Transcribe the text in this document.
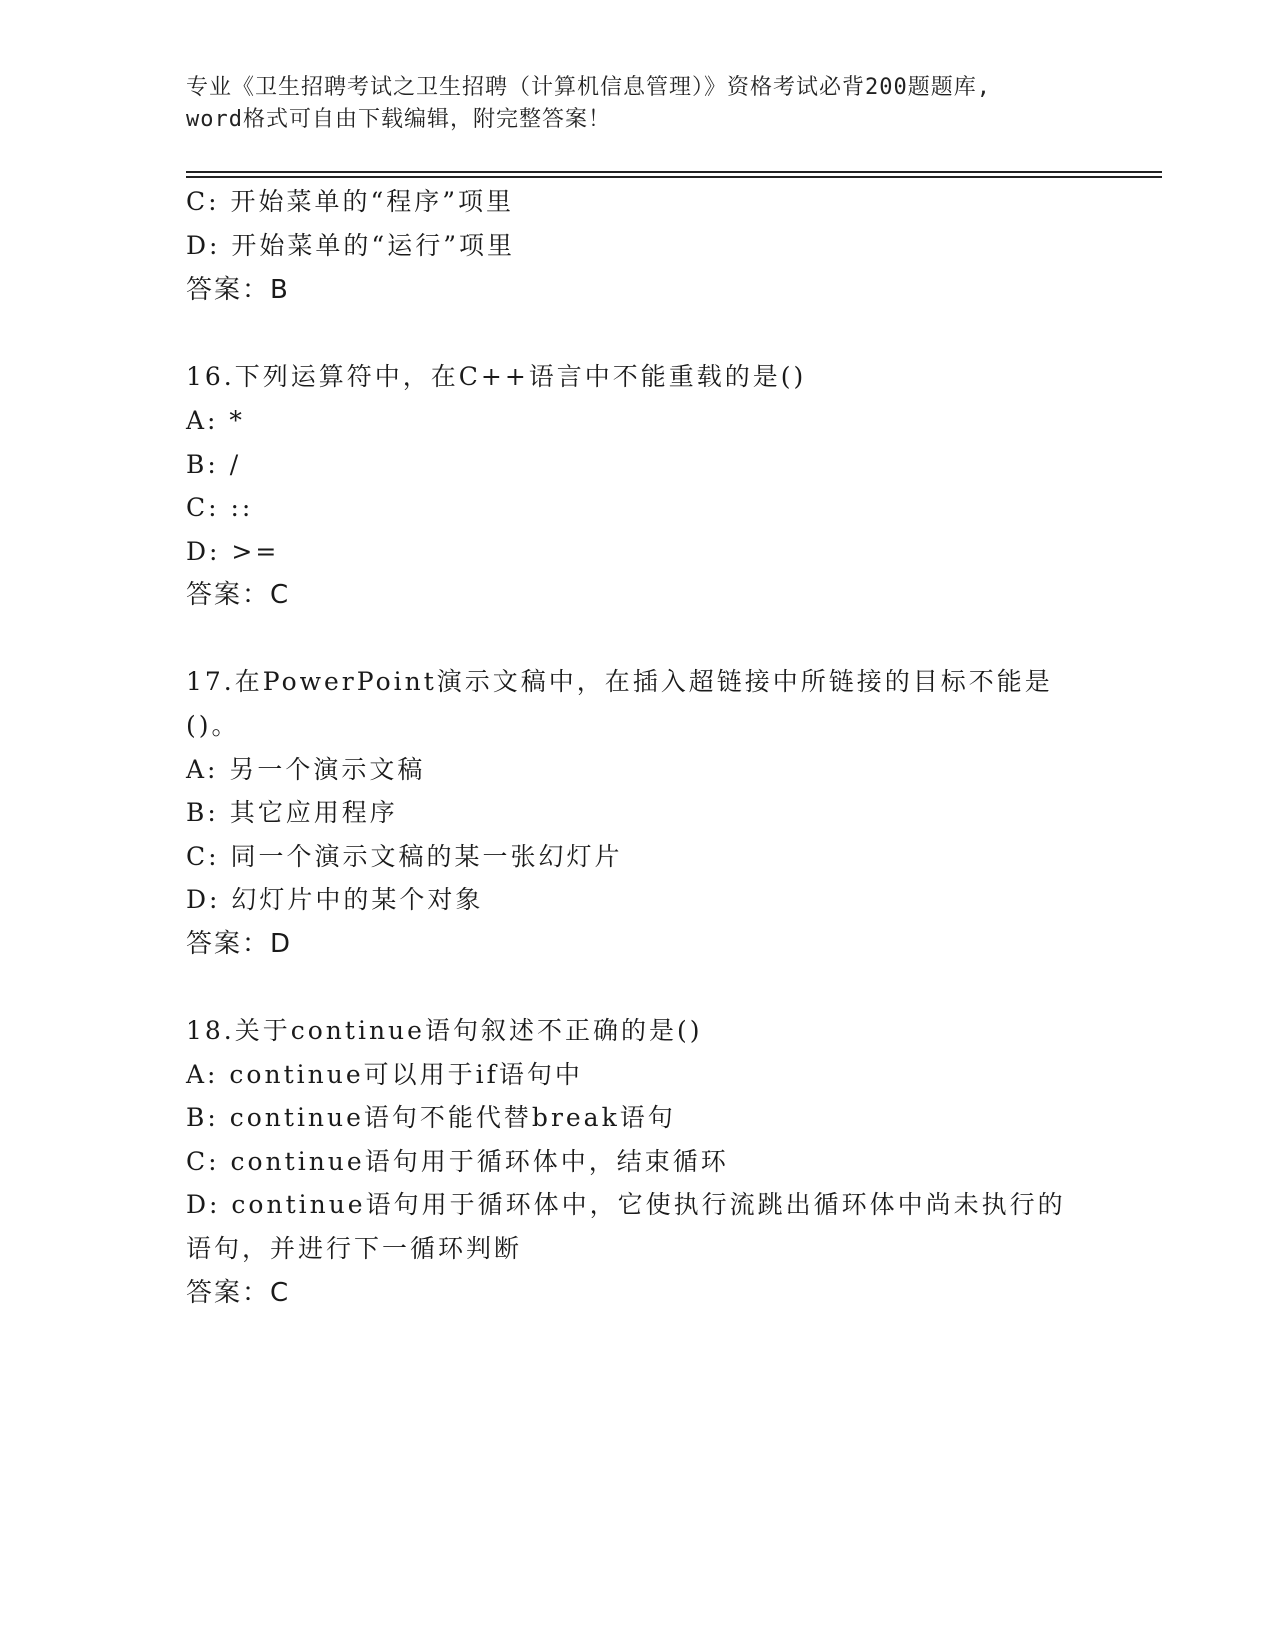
专业《卫生招聘考试之卫生招聘（计算机信息管理）》资格考试必背200题题库,
word格式可自由下载编辑，附完整答案！
C: 开始菜单的“程序”项里
D: 开始菜单的“运行”项里
答案：B
16.下列运算符中，在C++语言中不能重载的是()
A: *
B: /
C: ::
D: >=
答案：C
17.在PowerPoint演示文稿中，在插入超链接中所链接的目标不能是
()。
A: 另一个演示文稿
B: 其它应用程序
C: 同一个演示文稿的某一张幻灯片
D: 幻灯片中的某个对象
答案：D
18.关于continue语句叙述不正确的是()
A: continue可以用于if语句中
B: continue语句不能代替break语句
C: continue语句用于循环体中，结束循环
D: continue语句用于循环体中，它使执行流跳出循环体中尚未执行的
语句，并进行下一循环判断
答案：C
